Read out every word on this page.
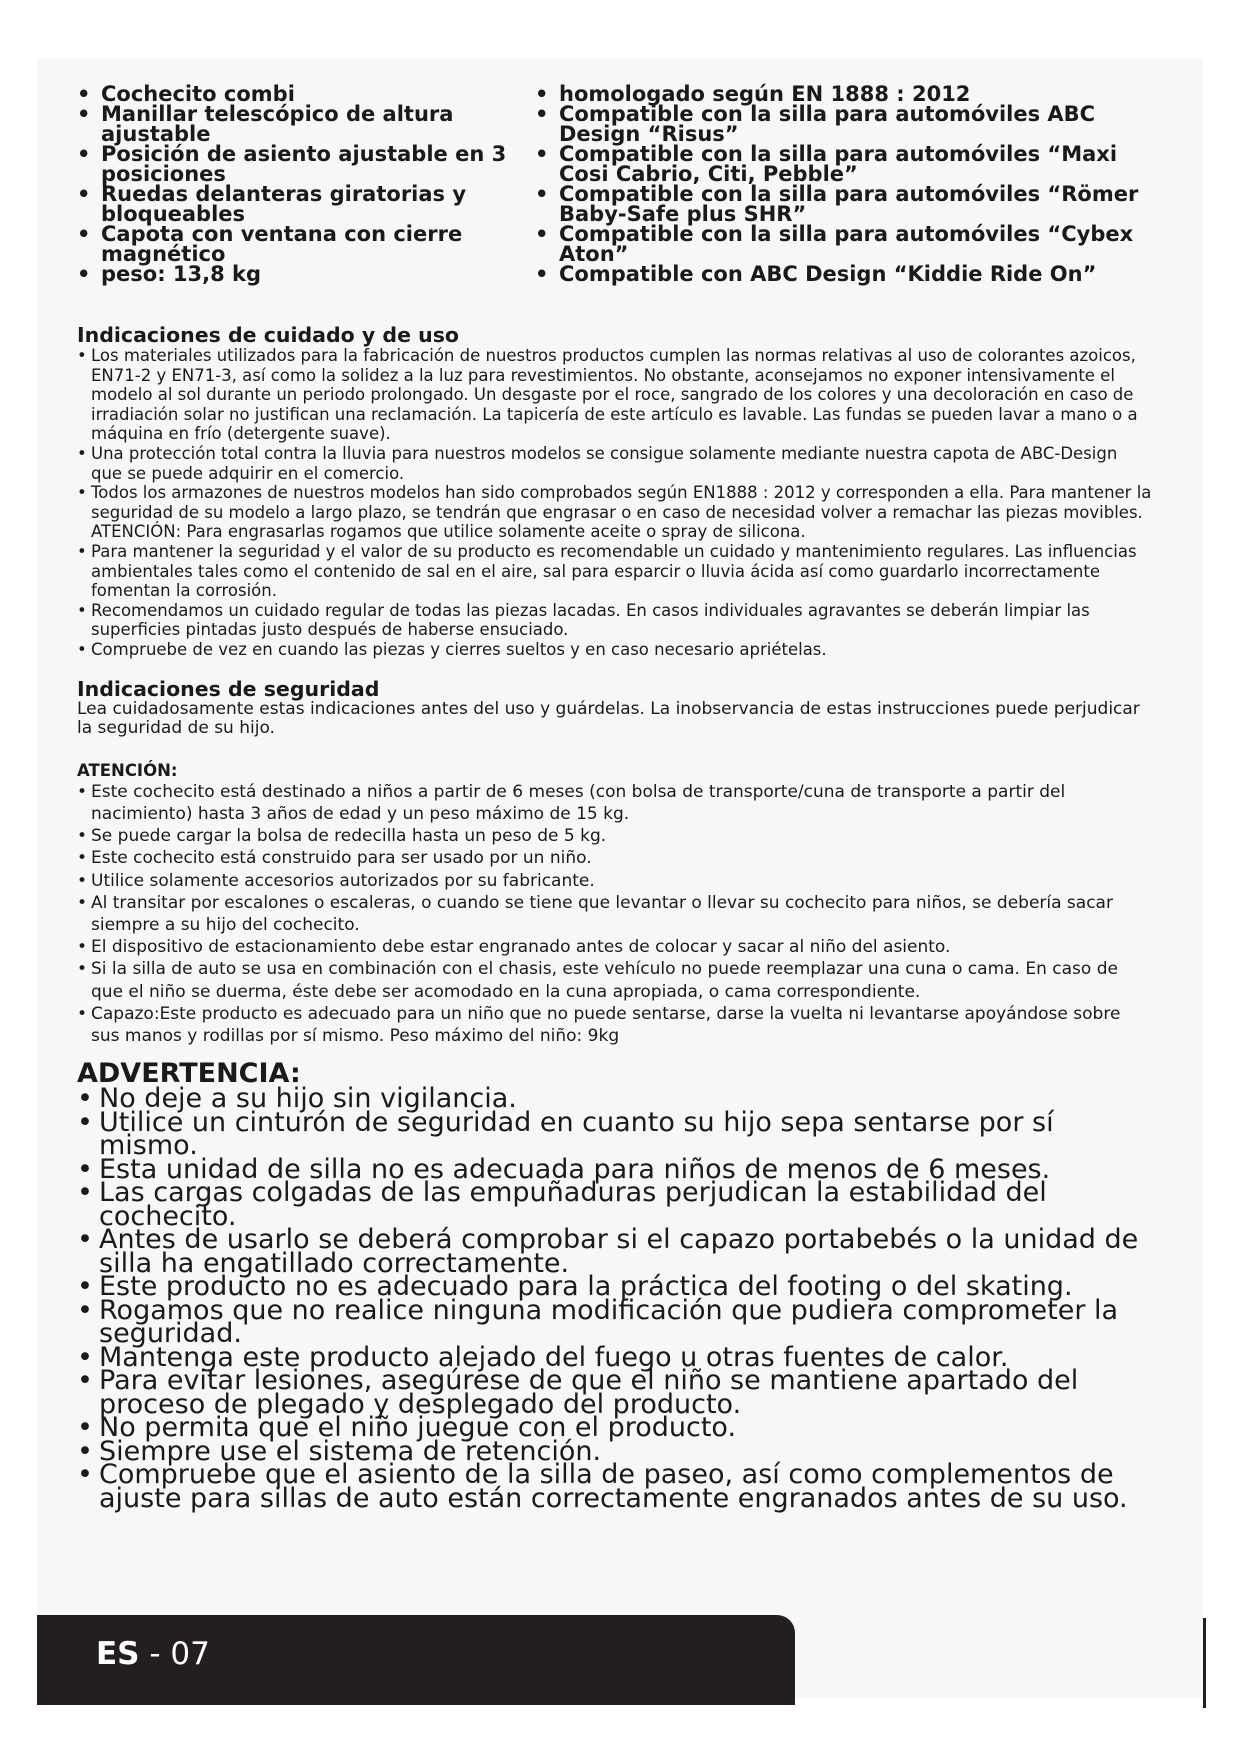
• Cochecito combi
• Manillar telescópico de altura ajustable
• Posición de asiento ajustable en 3 posiciones
• Ruedas delanteras giratorias y bloqueables
• Capota con ventana con cierre magnético
• peso: 13,8 kg
• homologado según EN 1888 : 2012
• Compatible con la silla para automóviles ABC Design “Risus”
• Compatible con la silla para automóviles “Maxi Cosi Cabrio, Citi, Pebble”
• Compatible con la silla para automóviles “Römer Baby-Safe plus SHR”
• Compatible con la silla para automóviles “Cybex Aton”
• Compatible con ABC Design “Kiddie Ride On”
Indicaciones de cuidado y de uso
• Los materiales utilizados para la fabricación de nuestros productos cumplen las normas relativas al uso de colorantes azoicos, EN71-2 y EN71-3, así como la solidez a la luz para revestimientos. No obstante, aconsejamos no exponer intensivamente el modelo al sol durante un periodo prolongado. Un desgaste por el roce, sangrado de los colores y una decoloración en caso de irradiación solar no justifican una reclamación. La tapicería de este artículo es lavable. Las fundas se pueden lavar a mano o a máquina en frío (detergente suave).
• Una protección total contra la lluvia para nuestros modelos se consigue solamente mediante nuestra capota de ABC-Design que se puede adquirir en el comercio.
• Todos los armazones de nuestros modelos han sido comprobados según EN1888 : 2012 y corresponden a ella. Para mantener la seguridad de su modelo a largo plazo, se tendrán que engrasar o en caso de necesidad volver a remachar las piezas movibles.
ATENCIÓN: Para engrasarlas rogamos que utilice solamente aceite o spray de silicona.
• Para mantener la seguridad y el valor de su producto es recomendable un cuidado y mantenimiento regulares. Las influencias ambientales tales como el contenido de sal en el aire, sal para esparcir o lluvia ácida así como guardarlo incorrectamente fomentan la corrosión.
• Recomendamos un cuidado regular de todas las piezas lacadas. En casos individuales agravantes se deberán limpiar las superficies pintadas justo después de haberse ensuciado.
• Compruebe de vez en cuando las piezas y cierres sueltos y en caso necesario apriételas.
Indicaciones de seguridad

Lea cuidadosamente estas indicaciones antes del uso y guárdelas. La inobservancia de estas instrucciones puede perjudicar la seguridad de su hijo.

ATENCIÓN:
• Este cochecito está destinado a niños a partir de 6 meses (con bolsa de transporte/cuna de transporte a partir del nacimiento) hasta 3 años de edad y un peso máximo de 15 kg.
• Se puede cargar la bolsa de redecilla hasta un peso de 5 kg.
• Este cochecito está construido para ser usado por un niño.
• Utilice solamente accesorios autorizados por su fabricante.
• Al transitar por escalones o escaleras, o cuando se tiene que levantar o llevar su cochecito para niños, se debería sacar siempre a su hijo del cochecito.
• El dispositivo de estacionamiento debe estar engranado antes de colocar y sacar al niño del asiento.
• Si la silla de auto se usa en combinación con el chasis, este vehículo no puede reemplazar una cuna o cama. En caso de que el niño se duerma, éste debe ser acomodado en la cuna apropiada, o cama correspondiente.
• Capazo:Este producto es adecuado para un niño que no puede sentarse, darse la vuelta ni levantarse apoyándose sobre sus manos y rodillas por sí mismo. Peso máximo del niño: 9kg
ADVERTENCIA:
• No deje a su hijo sin vigilancia.
• Utilice un cinturón de seguridad en cuanto su hijo sepa sentarse por sí mismo.
• Esta unidad de silla no es adecuada para niños de menos de 6 meses.
• Las cargas colgadas de las empuñaduras perjudican la estabilidad del cochecito.
• Antes de usarlo se deberá comprobar si el capazo portabebés o la unidad de silla ha engatillado correctamente.
• Este producto no es adecuado para la práctica del footing o del skating.
• Rogamos que no realice ninguna modificación que pudiera comprometer la seguridad.
• Mantenga este producto alejado del fuego u otras fuentes de calor.
• Para evitar lesiones, asegúrese de que el niño se mantiene apartado del proceso de plegado y desplegado del producto.
• No permita que el niño juegue con el producto.
• Siempre use el sistema de retención.
• Compruebe que el asiento de la silla de paseo, así como complementos de ajuste para sillas de auto están correctamente engranados antes de su uso.
ES - 07
